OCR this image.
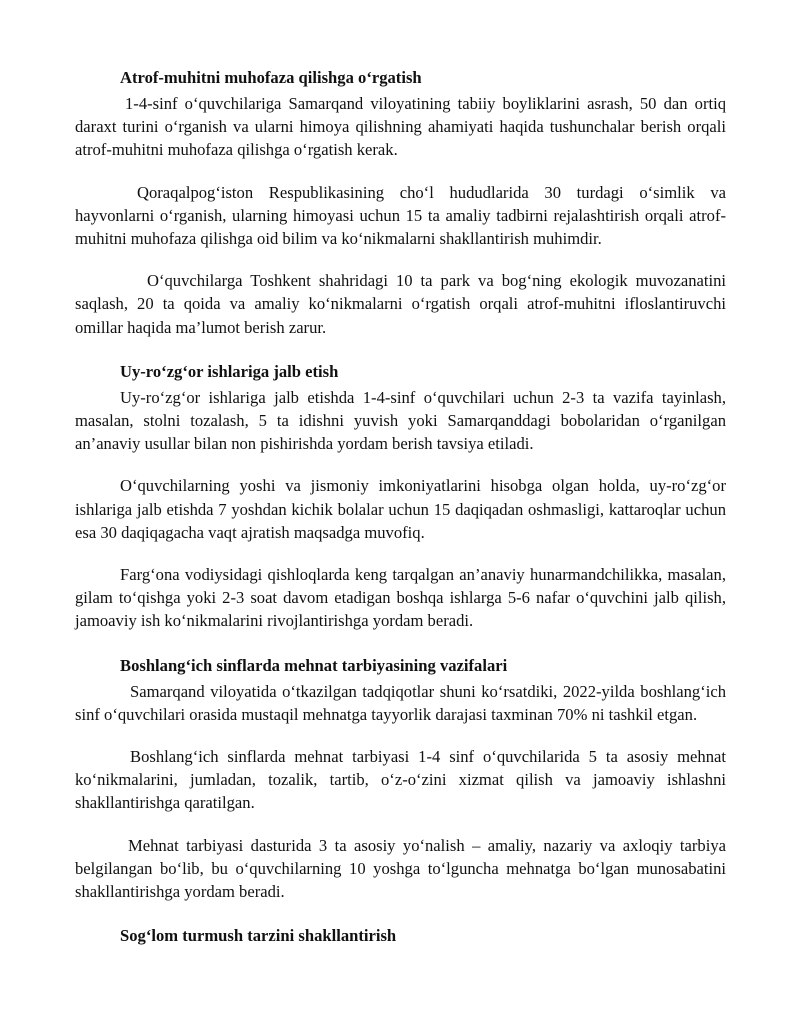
Atrof-muhitni muhofaza qilishga o‘rgatish

1-4-sinf o‘quvchilariga Samarqand viloyatining tabiiy boyliklarini asrash, 50 dan ortiq daraxt turini o‘rganish va ularni himoya qilishning ahamiyati haqida tushunchalar berish orqali atrof-muhitni muhofaza qilishga o‘rgatish kerak.

Qoraqalpog‘iston Respublikasining cho‘l hududlarida 30 turdagi o‘simlik va hayvonlarni o‘rganish, ularning himoyasi uchun 15 ta amaliy tadbirni rejalashtirish orqali atrof-muhitni muhofaza qilishga oid bilim va ko‘nikmalarni shakllantirish muhimdir.

O‘quvchilarga Toshkent shahridagi 10 ta park va bog‘ning ekologik muvozanatini saqlash, 20 ta qoida va amaliy ko‘nikmalarni o‘rgatish orqali atrof-muhitni ifloslantiruvchi omillar haqida ma’lumot berish zarur.

Uy-ro‘zg‘or ishlariga jalb etish

Uy-ro‘zg‘or ishlariga jalb etishda 1-4-sinf o‘quvchilari uchun 2-3 ta vazifa tayinlash, masalan, stolni tozalash, 5 ta idishni yuvish yoki Samarqanddagi bobolaridan o‘rganilgan an’anaviy usullar bilan non pishirishda yordam berish tavsiya etiladi.

O‘quvchilarning yoshi va jismoniy imkoniyatlarini hisobga olgan holda, uy-ro‘zg‘or ishlariga jalb etishda 7 yoshdan kichik bolalar uchun 15 daqiqadan oshmasligi, kattaroqlar uchun esa 30 daqiqagacha vaqt ajratish maqsadga muvofiq.

Farg‘ona vodiysidagi qishloqlarda keng tarqalgan an’anaviy hunarmandchilikka, masalan, gilam to‘qishga yoki 2-3 soat davom etadigan boshqa ishlarga 5-6 nafar o‘quvchini jalb qilish, jamoaviy ish ko‘nikmalarini rivojlantirishga yordam beradi.

Boshlang‘ich sinflarda mehnat tarbiyasining vazifalari

Samarqand viloyatida o‘tkazilgan tadqiqotlar shuni ko‘rsatdiki, 2022-yilda boshlang‘ich sinf o‘quvchilari orasida mustaqil mehnatga tayyorlik darajasi taxminan 70% ni tashkil etgan.

Boshlang‘ich sinflarda mehnat tarbiyasi 1-4 sinf o‘quvchilarida 5 ta asosiy mehnat ko‘nikmalarini, jumladan, tozalik, tartib, o‘z-o‘zini xizmat qilish va jamoaviy ishlashni shakllantirishga qaratilgan.

Mehnat tarbiyasi dasturida 3 ta asosiy yo‘nalish – amaliy, nazariy va axloqiy tarbiya belgilangan bo‘lib, bu o‘quvchilarning 10 yoshga to‘lguncha mehnatga bo‘lgan munosabatini shakllantirishga yordam beradi.

Sog‘lom turmush tarzini shakllantirish
